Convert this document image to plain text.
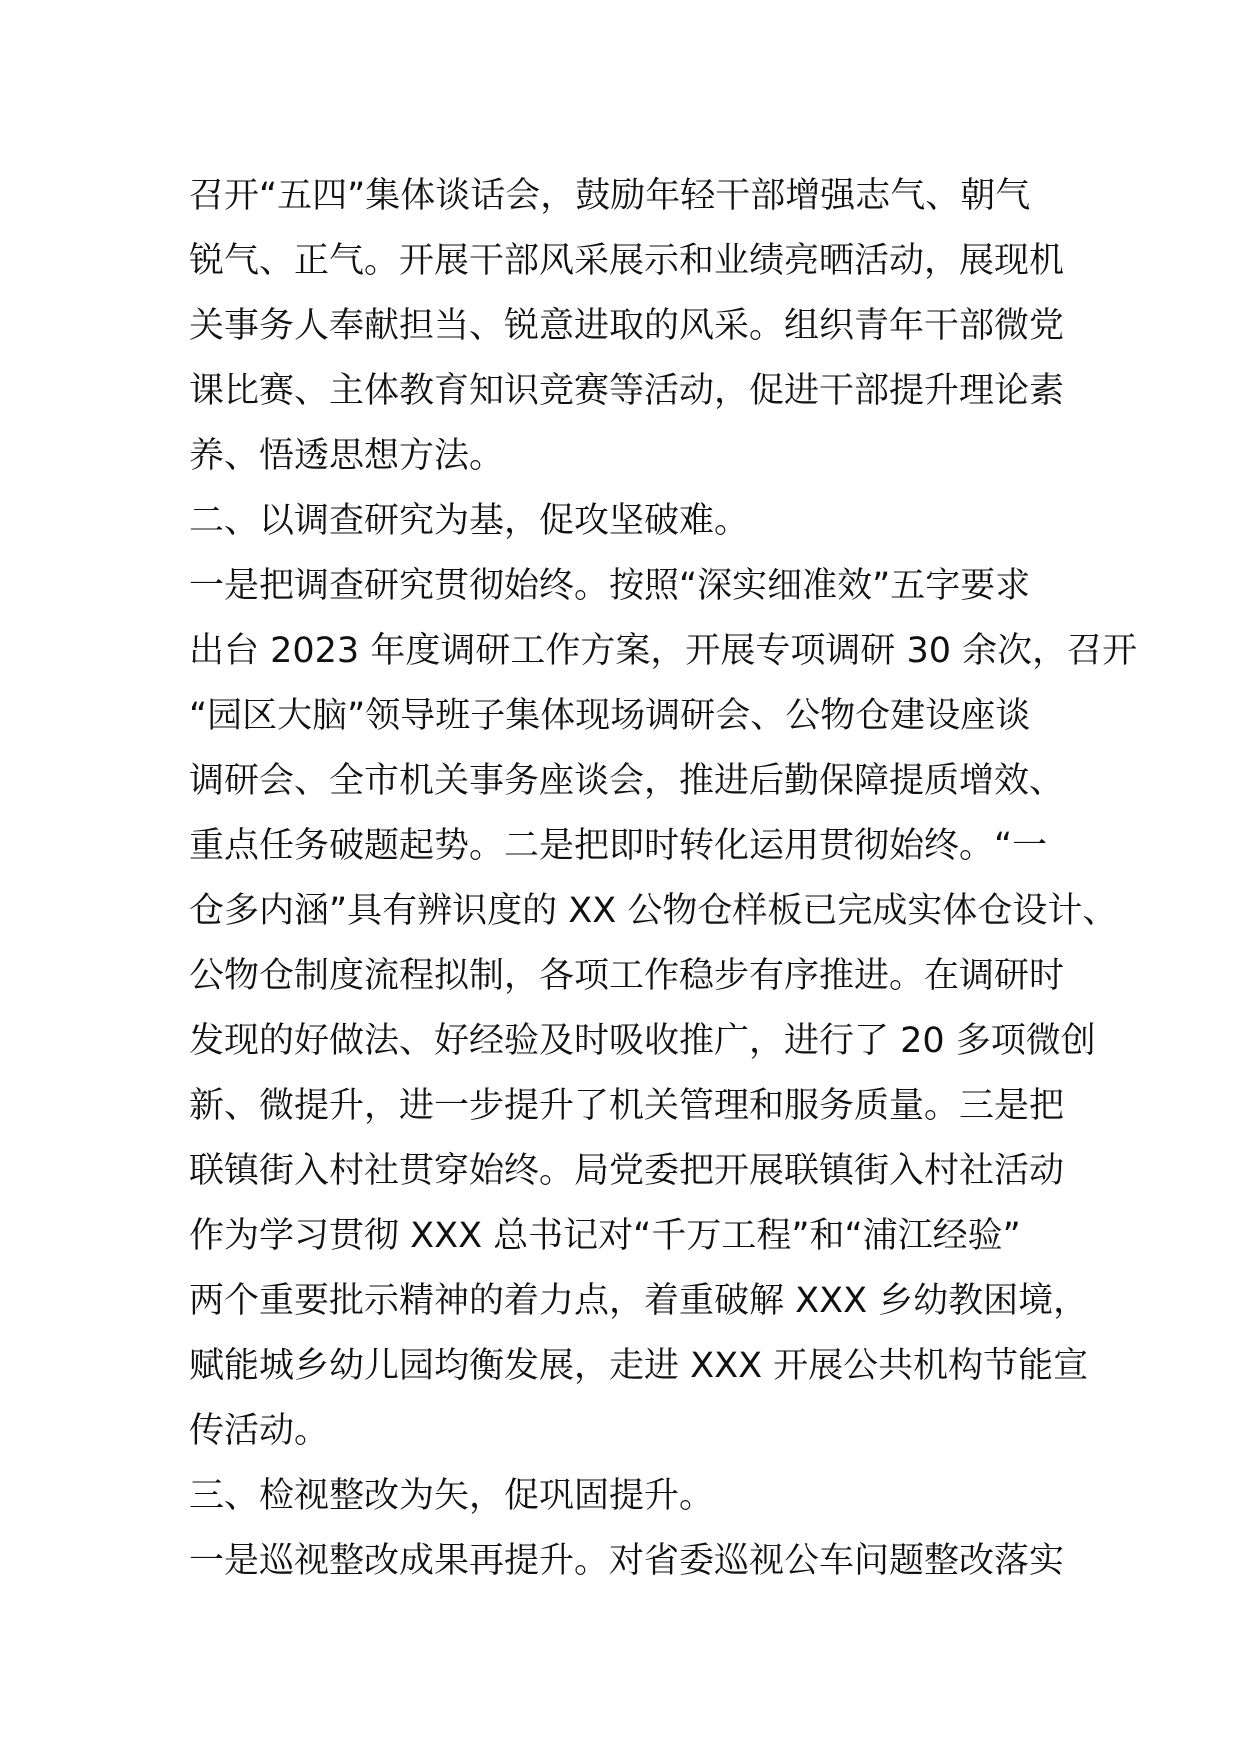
召开“五四”集体谈话会，鼓励年轻干部增强志气、朝气
锐气、正气。开展干部风采展示和业绩亮晒活动，展现机
关事务人奉献担当、锐意进取的风采。组织青年干部微党
课比赛、主体教育知识竞赛等活动，促进干部提升理论素
养、悟透思想方法。
二、以调查研究为基，促攻坚破难。
一是把调查研究贯彻始终。按照“深实细准效”五字要求
出台 2023 年度调研工作方案，开展专项调研 30 余次，召开
“园区大脑”领导班子集体现场调研会、公物仓建设座谈
调研会、全市机关事务座谈会，推进后勤保障提质增效、
重点任务破题起势。二是把即时转化运用贯彻始终。“一
仓多内涵”具有辨识度的 XX 公物仓样板已完成实体仓设计、
公物仓制度流程拟制，各项工作稳步有序推进。在调研时
发现的好做法、好经验及时吸收推广，进行了 20 多项微创
新、微提升，进一步提升了机关管理和服务质量。三是把
联镇街入村社贯穿始终。局党委把开展联镇街入村社活动
作为学习贯彻 XXX 总书记对“千万工程”和“浦江经验”
两个重要批示精神的着力点，着重破解 XXX 乡幼教困境，
赋能城乡幼儿园均衡发展，走进 XXX 开展公共机构节能宣
传活动。
三、检视整改为矢，促巩固提升。
一是巡视整改成果再提升。对省委巡视公车问题整改落实
